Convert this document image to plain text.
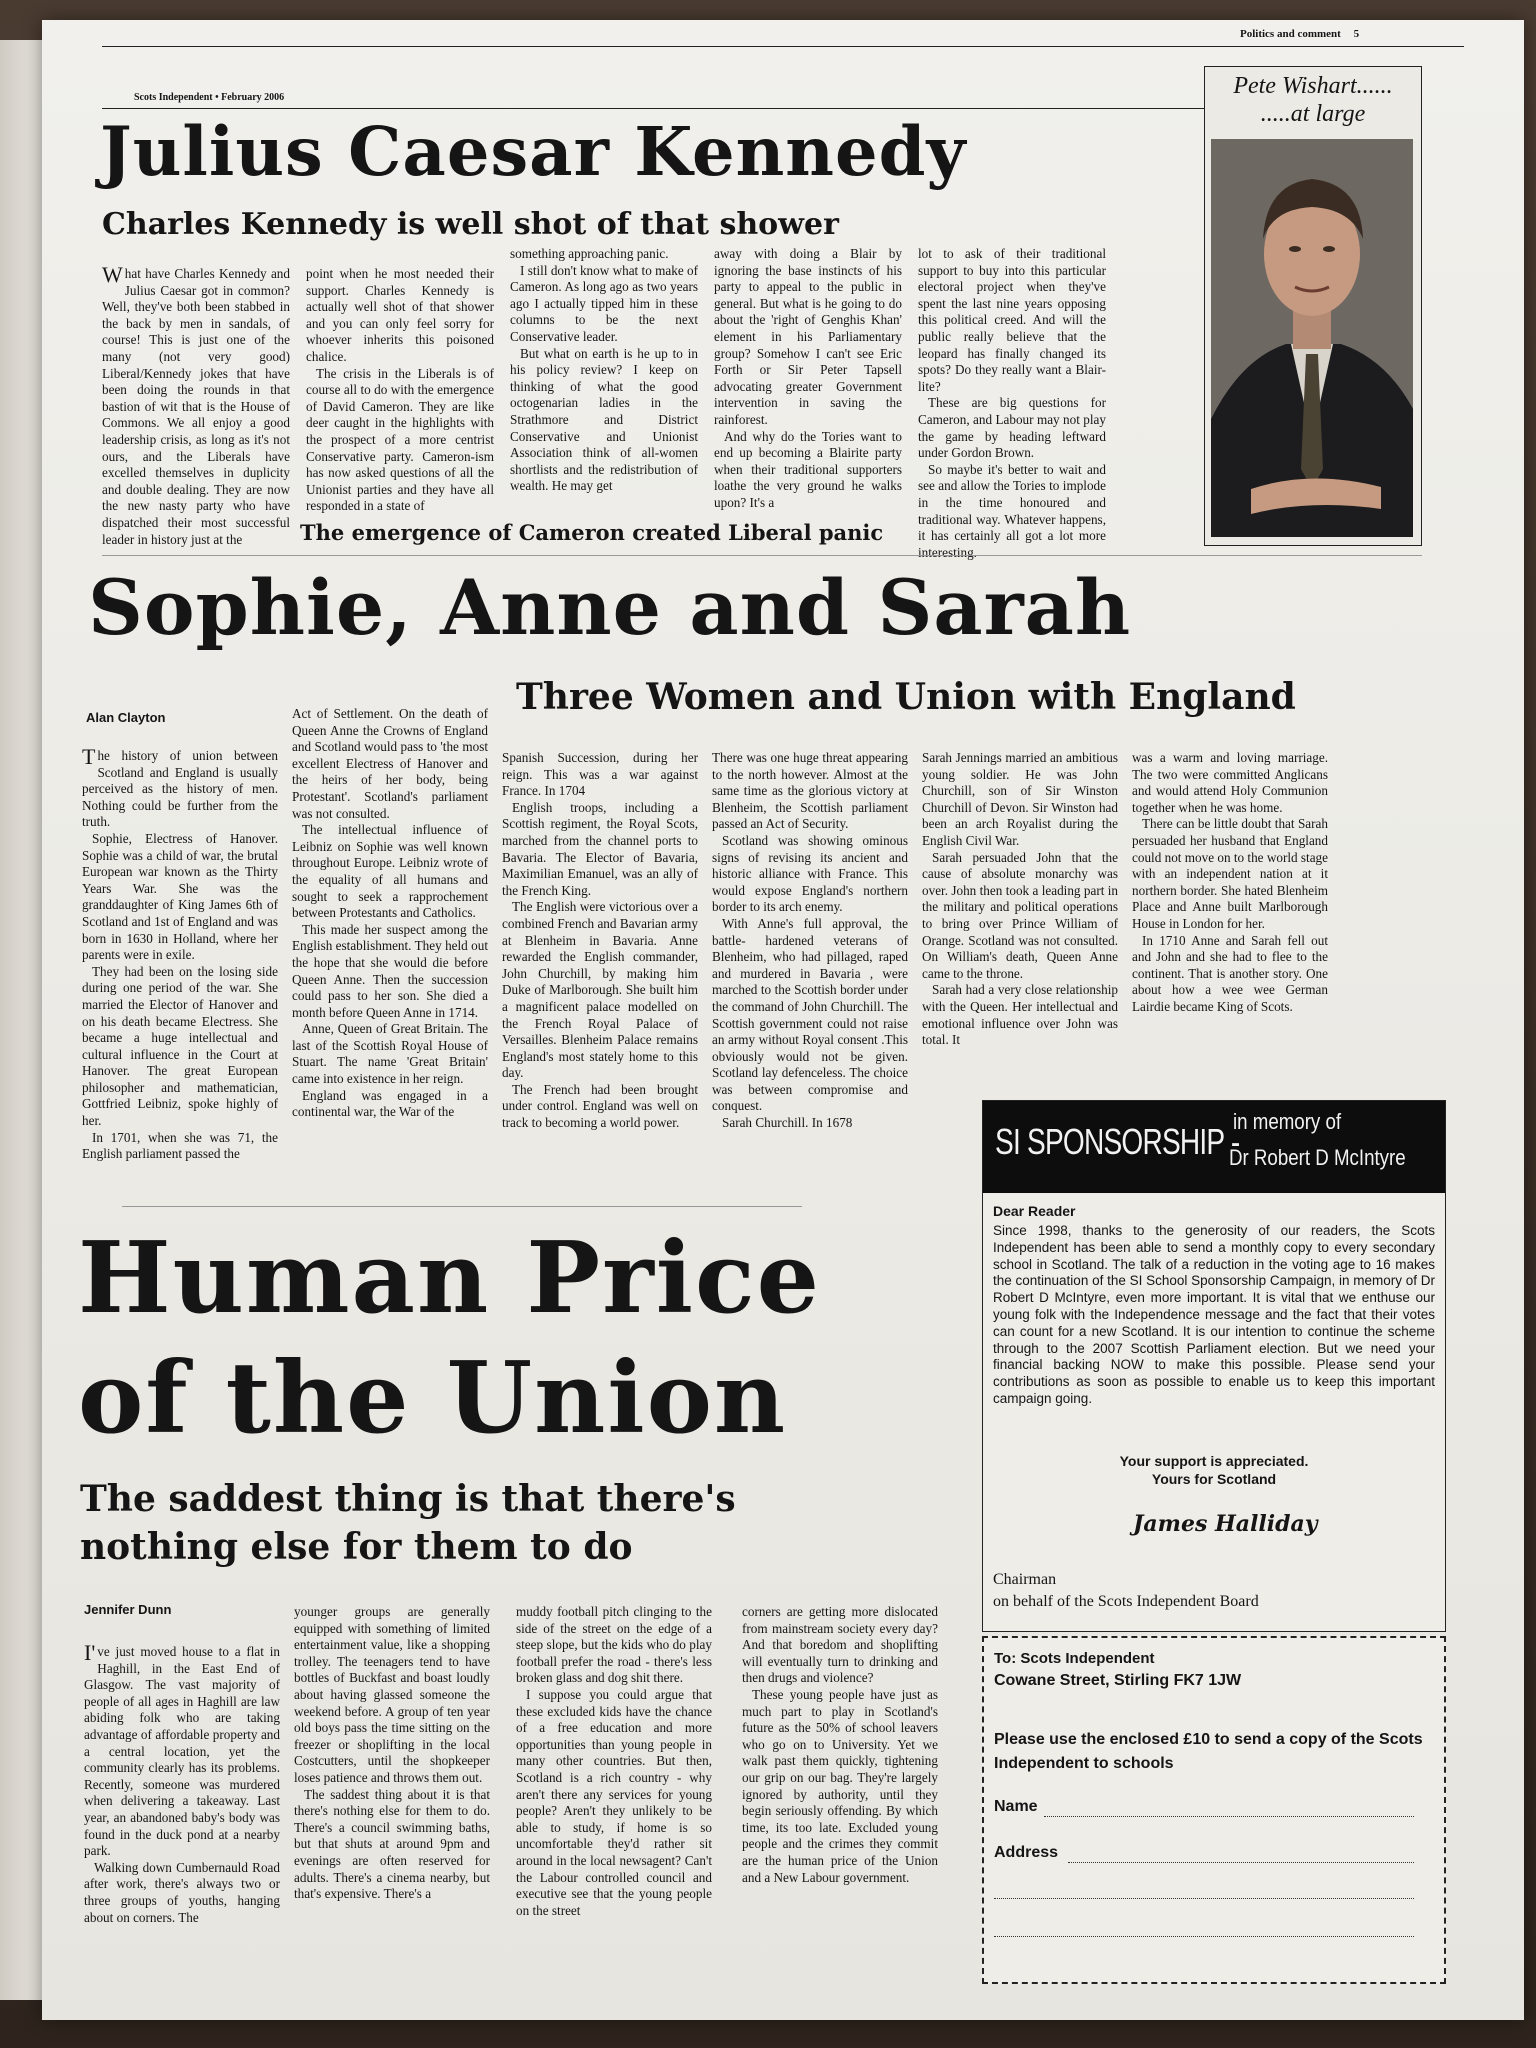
Politics and comment 5
Scots Independent • February 2006
Julius Caesar Kennedy
Charles Kennedy is well shot of that shower

What have Charles Kennedy and Julius Caesar got in common? Well, they've both been stabbed in the back by men in sandals, of course! This is just one of the many (not very good) Liberal/Kennedy jokes that have been doing the rounds in that bastion of wit that is the House of Commons. We all enjoy a good leadership crisis, as long as it's not ours, and the Liberals have excelled themselves in duplicity and double dealing. They are now the new nasty party who have dispatched their most successful leader in history just at the

point when he most needed their support. Charles Kennedy is actually well shot of that shower and you can only feel sorry for whoever inherits this poisoned chalice.

The crisis in the Liberals is of course all to do with the emergence of David Cameron. They are like deer caught in the highlights with the prospect of a more centrist Conservative party. Cameron-ism has now asked questions of all the Unionist parties and they have all responded in a state of

something approaching panic.

I still don't know what to make of Cameron. As long ago as two years ago I actually tipped him in these columns to be the next Conservative leader.

But what on earth is he up to in his policy review? I keep on thinking of what the good octogenarian ladies in the Strathmore and District Conservative and Unionist Association think of all-women shortlists and the redistribution of wealth. He may get

away with doing a Blair by ignoring the base instincts of his party to appeal to the public in general. But what is he going to do about the 'right of Genghis Khan' element in his Parliamentary group? Somehow I can't see Eric Forth or Sir Peter Tapsell advocating greater Government intervention in saving the rainforest.

And why do the Tories want to end up becoming a Blairite party when their traditional supporters loathe the very ground he walks upon? It's a

lot to ask of their traditional support to buy into this particular electoral project when they've spent the last nine years opposing this political creed. And will the public really believe that the leopard has finally changed its spots? Do they really want a Blair-lite?

These are big questions for Cameron, and Labour may not play the game by heading leftward under Gordon Brown.

So maybe it's better to wait and see and allow the Tories to implode in the time honoured and traditional way. Whatever happens, it has certainly all got a lot more interesting.

The emergence of Cameron created Liberal panic
Pete Wishart......
.....at large
Sophie, Anne and Sarah
Three Women and Union with England
Alan Clayton

The history of union between Scotland and England is usually perceived as the history of men. Nothing could be further from the truth.

Sophie, Electress of Hanover. Sophie was a child of war, the brutal European war known as the Thirty Years War. She was the granddaughter of King James 6th of Scotland and 1st of England and was born in 1630 in Holland, where her parents were in exile.

They had been on the losing side during one period of the war. She married the Elector of Hanover and on his death became Electress. She became a huge intellectual and cultural influence in the Court at Hanover. The great European philosopher and mathematician, Gottfried Leibniz, spoke highly of her.

In 1701, when she was 71, the English parliament passed the

Act of Settlement. On the death of Queen Anne the Crowns of England and Scotland would pass to 'the most excellent Electress of Hanover and the heirs of her body, being Protestant'. Scotland's parliament was not consulted.

The intellectual influence of Leibniz on Sophie was well known throughout Europe. Leibniz wrote of the equality of all humans and sought to seek a rapprochement between Protestants and Catholics.

This made her suspect among the English establishment. They held out the hope that she would die before Queen Anne. Then the succession could pass to her son. She died a month before Queen Anne in 1714.

Anne, Queen of Great Britain. The last of the Scottish Royal House of Stuart. The name 'Great Britain' came into existence in her reign.

England was engaged in a continental war, the War of the

Spanish Succession, during her reign. This was a war against France. In 1704

English troops, including a Scottish regiment, the Royal Scots, marched from the channel ports to Bavaria. The Elector of Bavaria, Maximilian Emanuel, was an ally of the French King.

The English were victorious over a combined French and Bavarian army at Blenheim in Bavaria. Anne rewarded the English commander, John Churchill, by making him Duke of Marlborough. She built him a magnificent palace modelled on the French Royal Palace of Versailles. Blenheim Palace remains England's most stately home to this day.

The French had been brought under control. England was well on track to becoming a world power.

There was one huge threat appearing to the north however. Almost at the same time as the glorious victory at Blenheim, the Scottish parliament passed an Act of Security.

Scotland was showing ominous signs of revising its ancient and historic alliance with France. This would expose England's northern border to its arch enemy.

With Anne's full approval, the battle- hardened veterans of Blenheim, who had pillaged, raped and murdered in Bavaria , were marched to the Scottish border under the command of John Churchill. The Scottish government could not raise an army without Royal consent .This obviously would not be given. Scotland lay defenceless. The choice was between compromise and conquest.

Sarah Churchill. In 1678

Sarah Jennings married an ambitious young soldier. He was John Churchill, son of Sir Winston Churchill of Devon. Sir Winston had been an arch Royalist during the English Civil War.

Sarah persuaded John that the cause of absolute monarchy was over. John then took a leading part in the military and political operations to bring over Prince William of Orange. Scotland was not consulted. On William's death, Queen Anne came to the throne.

Sarah had a very close relationship with the Queen. Her intellectual and emotional influence over John was total. It

was a warm and loving marriage. The two were committed Anglicans and would attend Holy Communion together when he was home.

There can be little doubt that Sarah persuaded her husband that England could not move on to the world stage with an independent nation at it northern border. She hated Blenheim Place and Anne built Marlborough House in London for her.

In 1710 Anne and Sarah fell out and John and she had to flee to the continent. That is another story. One about how a wee wee German Lairdie became King of Scots.

SI SPONSORSHIP -
in memory of
Dr Robert D McIntyre
Dear Reader
Since 1998, thanks to the generosity of our readers, the Scots Independent has been able to send a monthly copy to every secondary school in Scotland. The talk of a reduction in the voting age to 16 makes the continuation of the SI School Sponsorship Campaign, in memory of Dr Robert D McIntyre, even more important. It is vital that we enthuse our young folk with the Independence message and the fact that their votes can count for a new Scotland. It is our intention to continue the scheme through to the 2007 Scottish Parliament election. But we need your financial backing NOW to make this possible. Please send your contributions as soon as possible to enable us to keep this important campaign going.
Your support is appreciated.
Yours for Scotland
James Halliday
Chairman
on behalf of the Scots Independent Board
To: Scots Independent
Cowane Street, Stirling FK7 1JW
Please use the enclosed £10 to send a copy of the Scots Independent to schools
Name
Address
Human Price
of the Union
The saddest thing is that there's
nothing else for them to do
Jennifer Dunn

I've just moved house to a flat in Haghill, in the East End of Glasgow. The vast majority of people of all ages in Haghill are law abiding folk who are taking advantage of affordable property and a central location, yet the community clearly has its problems. Recently, someone was murdered when delivering a takeaway. Last year, an abandoned baby's body was found in the duck pond at a nearby park.

Walking down Cumbernauld Road after work, there's always two or three groups of youths, hanging about on corners. The

younger groups are generally equipped with something of limited entertainment value, like a shopping trolley. The teenagers tend to have bottles of Buckfast and boast loudly about having glassed someone the weekend before. A group of ten year old boys pass the time sitting on the freezer or shoplifting in the local Costcutters, until the shopkeeper loses patience and throws them out.

The saddest thing about it is that there's nothing else for them to do. There's a council swimming baths, but that shuts at around 9pm and evenings are often reserved for adults. There's a cinema nearby, but that's expensive. There's a

muddy football pitch clinging to the side of the street on the edge of a steep slope, but the kids who do play football prefer the road - there's less broken glass and dog shit there.

I suppose you could argue that these excluded kids have the chance of a free education and more opportunities than young people in many other countries. But then, Scotland is a rich country - why aren't there any services for young people? Aren't they unlikely to be able to study, if home is so uncomfortable they'd rather sit around in the local newsagent? Can't the Labour controlled council and executive see that the young people on the street

corners are getting more dislocated from mainstream society every day? And that boredom and shoplifting will eventually turn to drinking and then drugs and violence?

These young people have just as much part to play in Scotland's future as the 50% of school leavers who go on to University. Yet we walk past them quickly, tightening our grip on our bag. They're largely ignored by authority, until they begin seriously offending. By which time, its too late. Excluded young people and the crimes they commit are the human price of the Union and a New Labour government.
